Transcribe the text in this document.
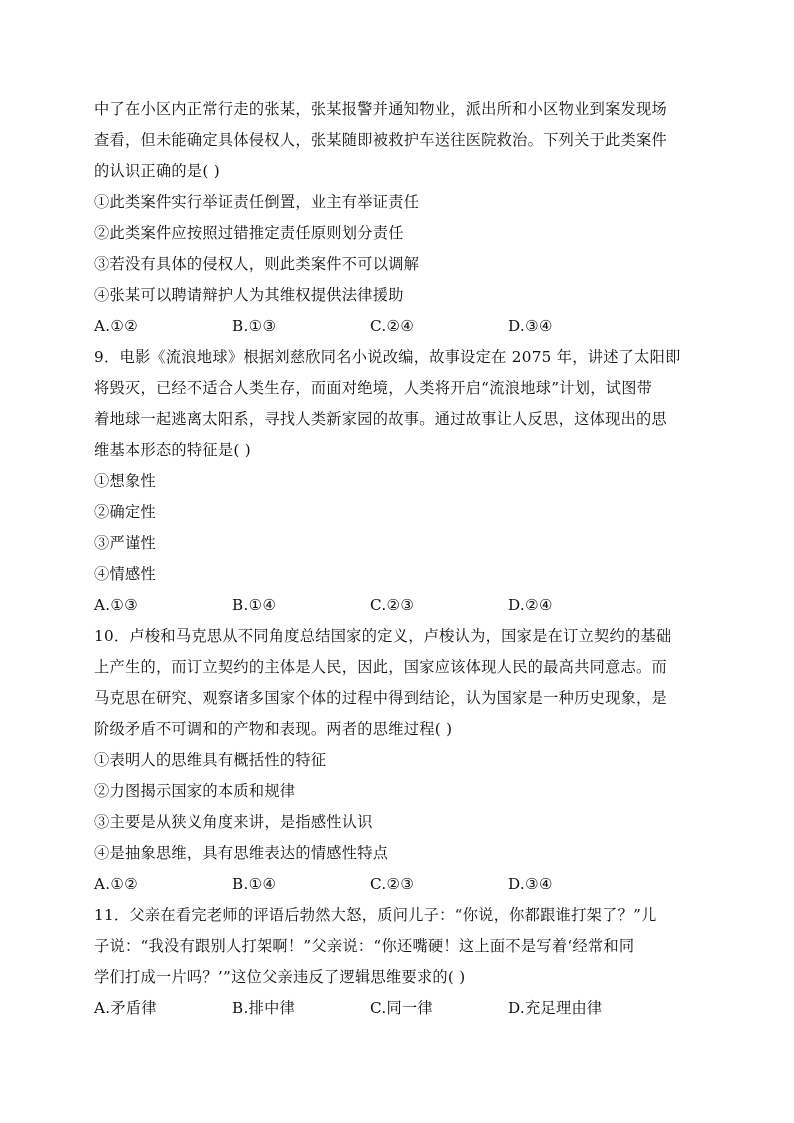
中了在小区内正常行走的张某，张某报警并通知物业，派出所和小区物业到案发现场
查看，但未能确定具体侵权人，张某随即被救护车送往医院救治。下列关于此类案件
的认识正确的是( )
①此类案件实行举证责任倒置，业主有举证责任
②此类案件应按照过错推定责任原则划分责任
③若没有具体的侵权人，则此类案件不可以调解
④张某可以聘请辩护人为其维权提供法律援助
A.①②	B.①③	C.②④	D.③④
9．电影《流浪地球》根据刘慈欣同名小说改编，故事设定在 2075 年，讲述了太阳即
将毁灭，已经不适合人类生存，而面对绝境，人类将开启“流浪地球”计划，试图带
着地球一起逃离太阳系，寻找人类新家园的故事。通过故事让人反思，这体现出的思
维基本形态的特征是( )
①想象性
②确定性
③严谨性
④情感性
A.①③	B.①④	C.②③	D.②④
10．卢梭和马克思从不同角度总结国家的定义，卢梭认为，国家是在订立契约的基础
上产生的，而订立契约的主体是人民，因此，国家应该体现人民的最高共同意志。而
马克思在研究、观察诸多国家个体的过程中得到结论，认为国家是一种历史现象，是
阶级矛盾不可调和的产物和表现。两者的思维过程( )
①表明人的思维具有概括性的特征
②力图揭示国家的本质和规律
③主要是从狭义角度来讲，是指感性认识
④是抽象思维，具有思维表达的情感性特点
A.①②	B.①④	C.②③	D.③④
11．父亲在看完老师的评语后勃然大怒，质问儿子：“你说，你都跟谁打架了？”儿
子说：“我没有跟别人打架啊！”父亲说：“你还嘴硬！这上面不是写着‘经常和同
学们打成一片吗？’”这位父亲违反了逻辑思维要求的( )
A.矛盾律	B.排中律	C.同一律	D.充足理由律
